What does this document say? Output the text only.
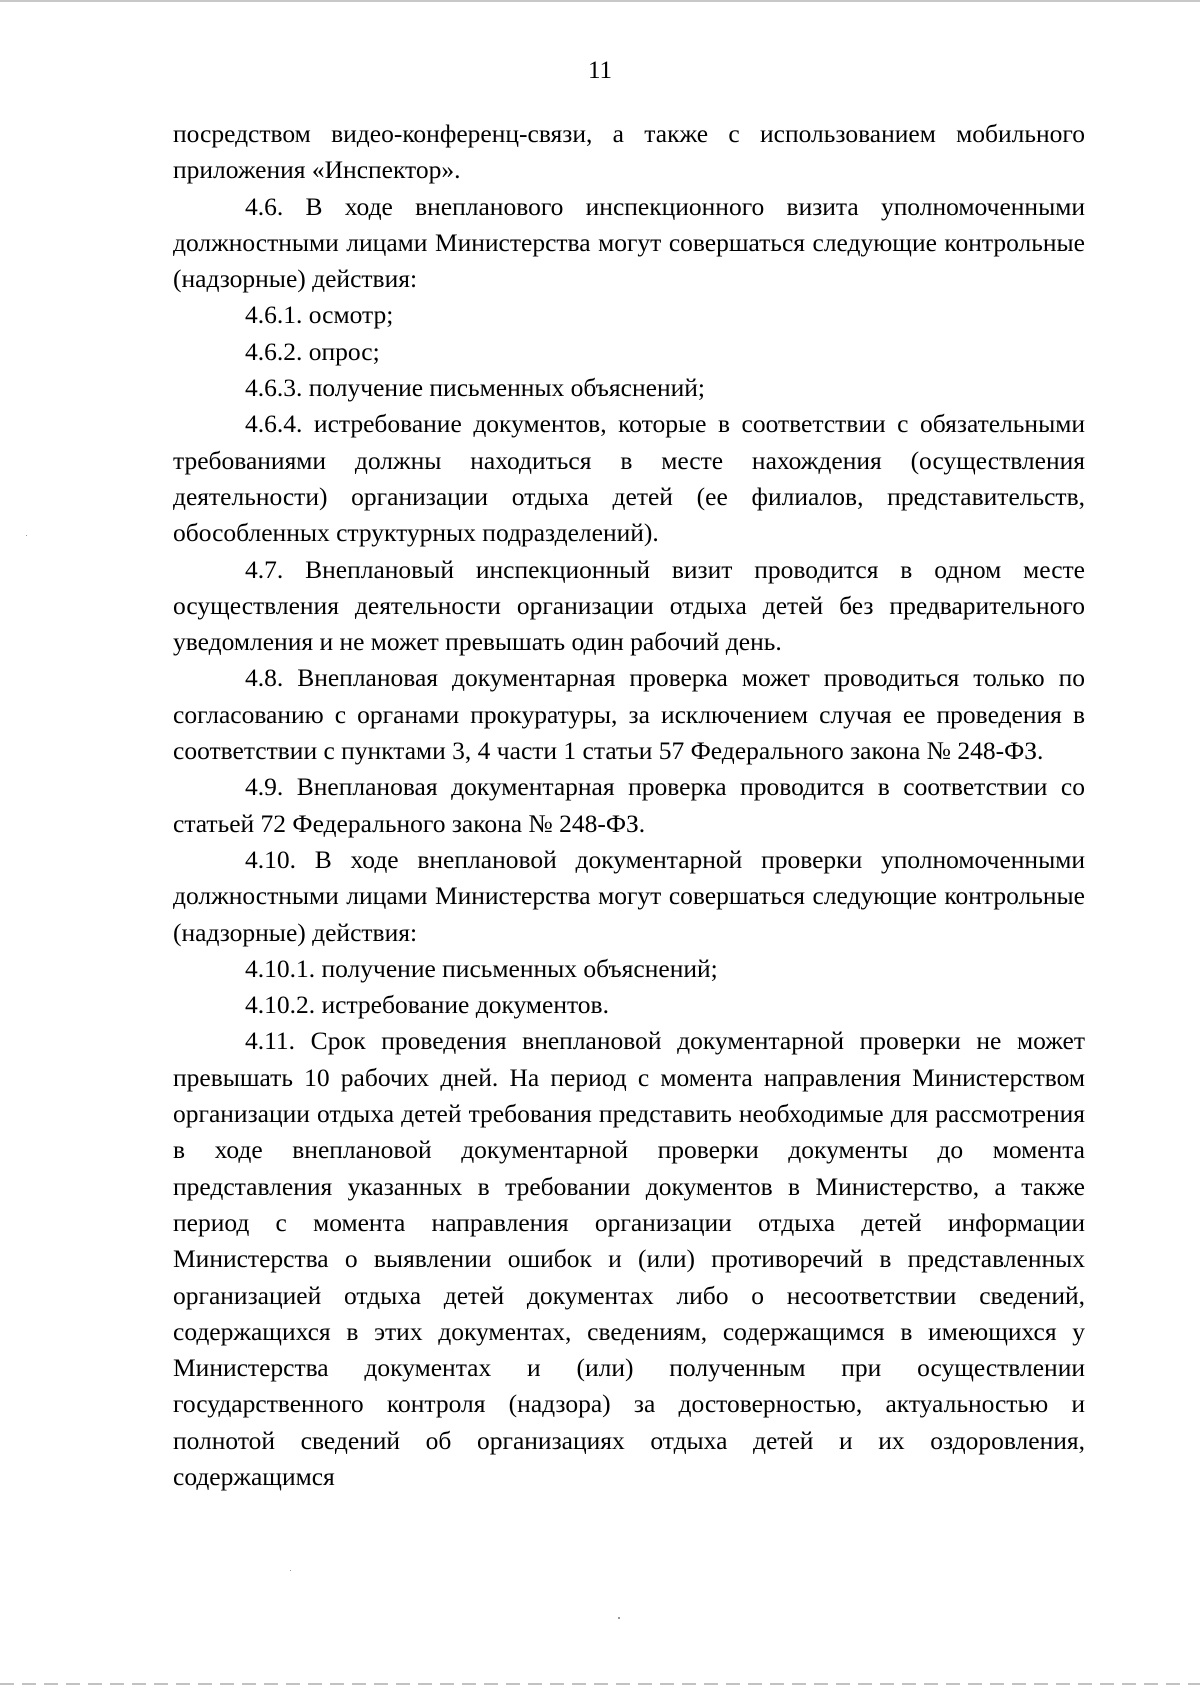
11

посредством видео-конференц-связи, а также с использованием мобильного приложения «Инспектор».

4.6. В ходе внепланового инспекционного визита уполномоченными должностными лицами Министерства могут совершаться следующие контрольные (надзорные) действия:

4.6.1. осмотр;

4.6.2. опрос;

4.6.3. получение письменных объяснений;

4.6.4. истребование документов, которые в соответствии с обязательными требованиями должны находиться в месте нахождения (осуществления деятельности) организации отдыха детей (ее филиалов, представительств, обособленных структурных подразделений).

4.7. Внеплановый инспекционный визит проводится в одном месте осуществления деятельности организации отдыха детей без предварительного уведомления и не может превышать один рабочий день.

4.8. Внеплановая документарная проверка может проводиться только по согласованию с органами прокуратуры, за исключением случая ее проведения в соответствии с пунктами 3, 4 части 1 статьи 57 Федерального закона № 248-ФЗ.

4.9. Внеплановая документарная проверка проводится в соответствии со статьей 72 Федерального закона № 248-ФЗ.

4.10. В ходе внеплановой документарной проверки уполномоченными должностными лицами Министерства могут совершаться следующие контрольные (надзорные) действия:

4.10.1. получение письменных объяснений;

4.10.2. истребование документов.

4.11. Срок проведения внеплановой документарной проверки не может превышать 10 рабочих дней. На период с момента направления Министерством организации отдыха детей требования представить необходимые для рассмотрения в ходе внеплановой документарной проверки документы до момента представления указанных в требовании документов в Министерство, а также период с момента направления организации отдыха детей информации Министерства о выявлении ошибок и (или) противоречий в представленных организацией отдыха детей документах либо о несоответствии сведений, содержащихся в этих документах, сведениям, содержащимся в имеющихся у Министерства документах и (или) полученным при осуществлении государственного контроля (надзора) за достоверностью, актуальностью и полнотой сведений об организациях отдыха детей и их оздоровления, содержащимся
